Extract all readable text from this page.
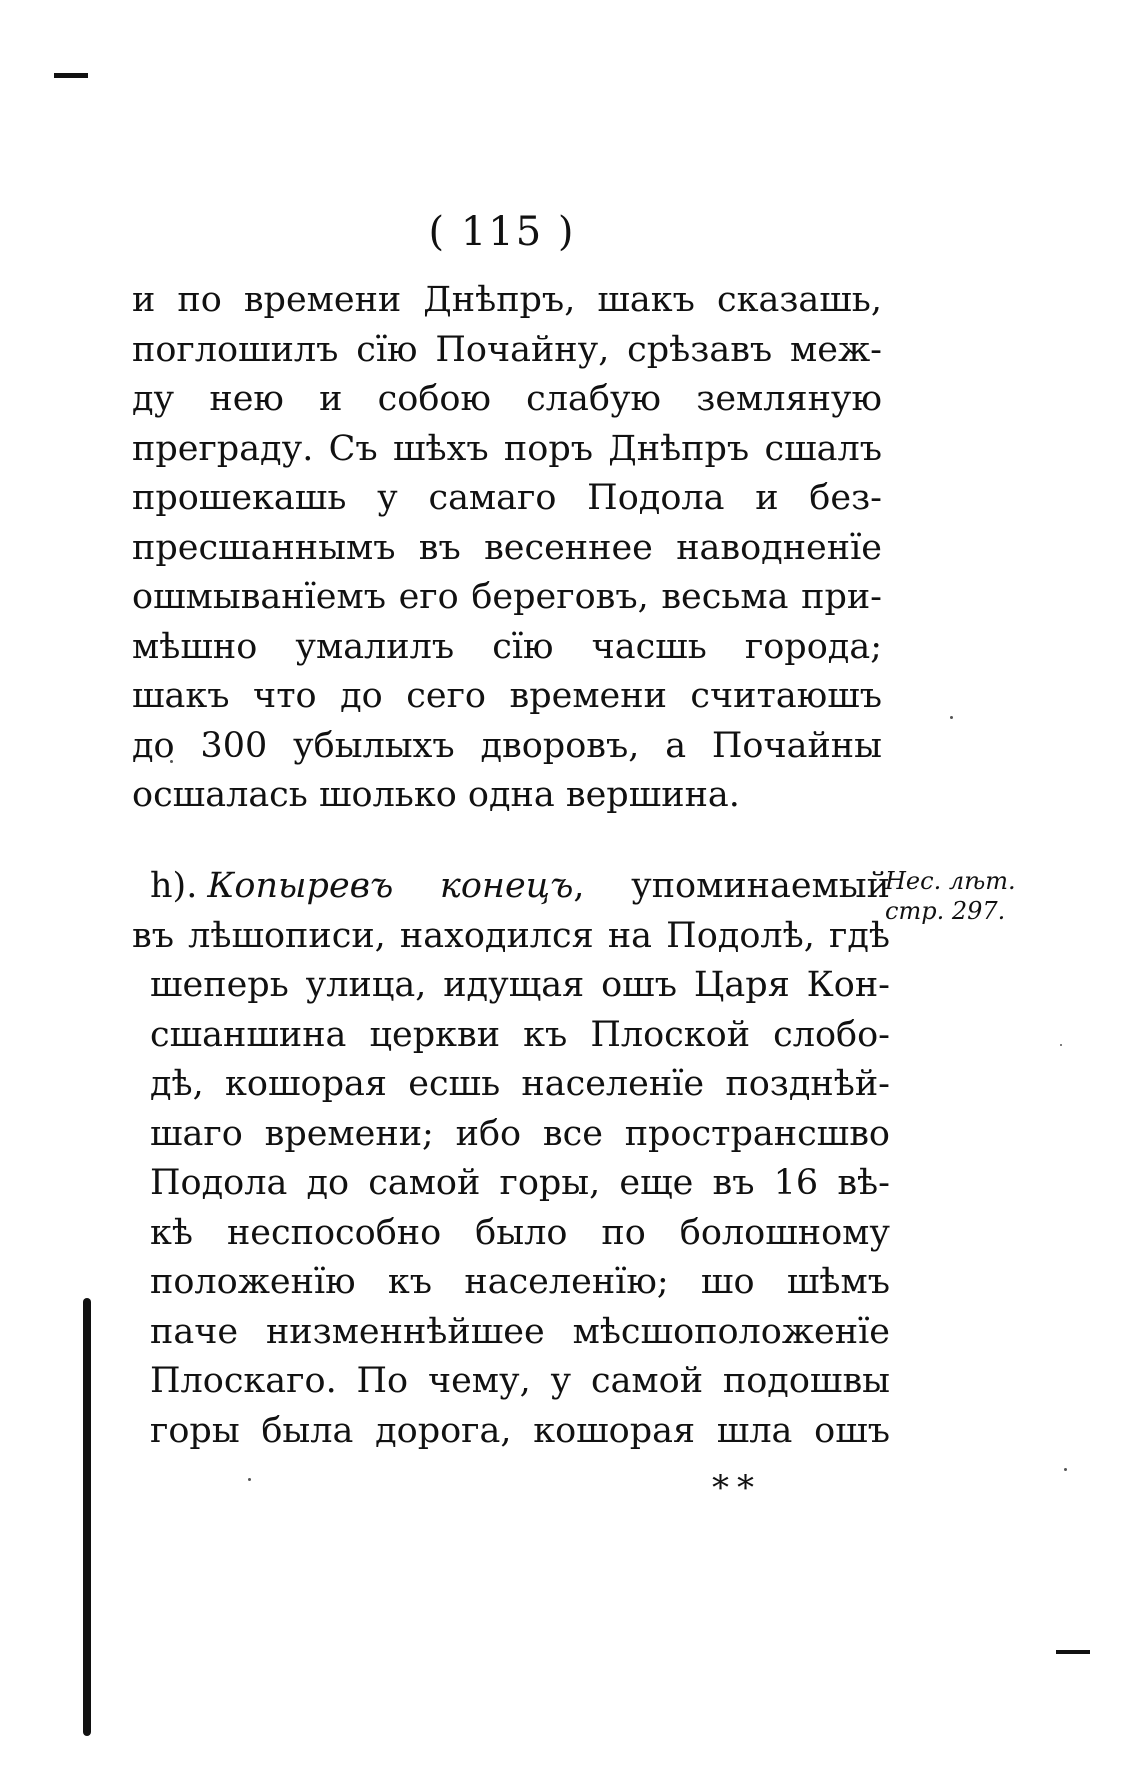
( 115 )
и по времени Днѣпръ, шакъ сказашь,
поглошилъ сїю Почайну, срѣзавъ меж-
ду нею и собою слабую земляную
преграду. Съ шѣхъ поръ Днѣпръ сшалъ
прошекашь у самаго Подола и без-
пресшаннымъ въ весеннее наводненїе
ошмыванїемъ его береговъ, весьма при-
мѣшно умалилъ сїю часшь города;
шакъ что до сего времени считаюшъ
до 300 убылыхъ дворовъ, а Почайны
осшалась шолько одна вершина.
h). Копыревъ конецъ, упоминаемый
въ лѣшописи, находился на Подолѣ, гдѣ
шеперь улица, идущая ошъ Царя Кон-
сшаншина церкви къ Плоской слобо-
дѣ, кошорая есшь населенїе позднѣй-
шаго времени; ибо все пространсшво
Подола до самой горы, еще въ 16 вѣ-
кѣ неспособно было по болошному
положенїю къ населенїю; шо шѣмъ
паче низменнѣйшее мѣсшоположенїе
Плоскаго. По чему, у самой подошвы
горы была дорога, кошорая шла ошъ
Нес. лѣт.
стр. 297.
**
